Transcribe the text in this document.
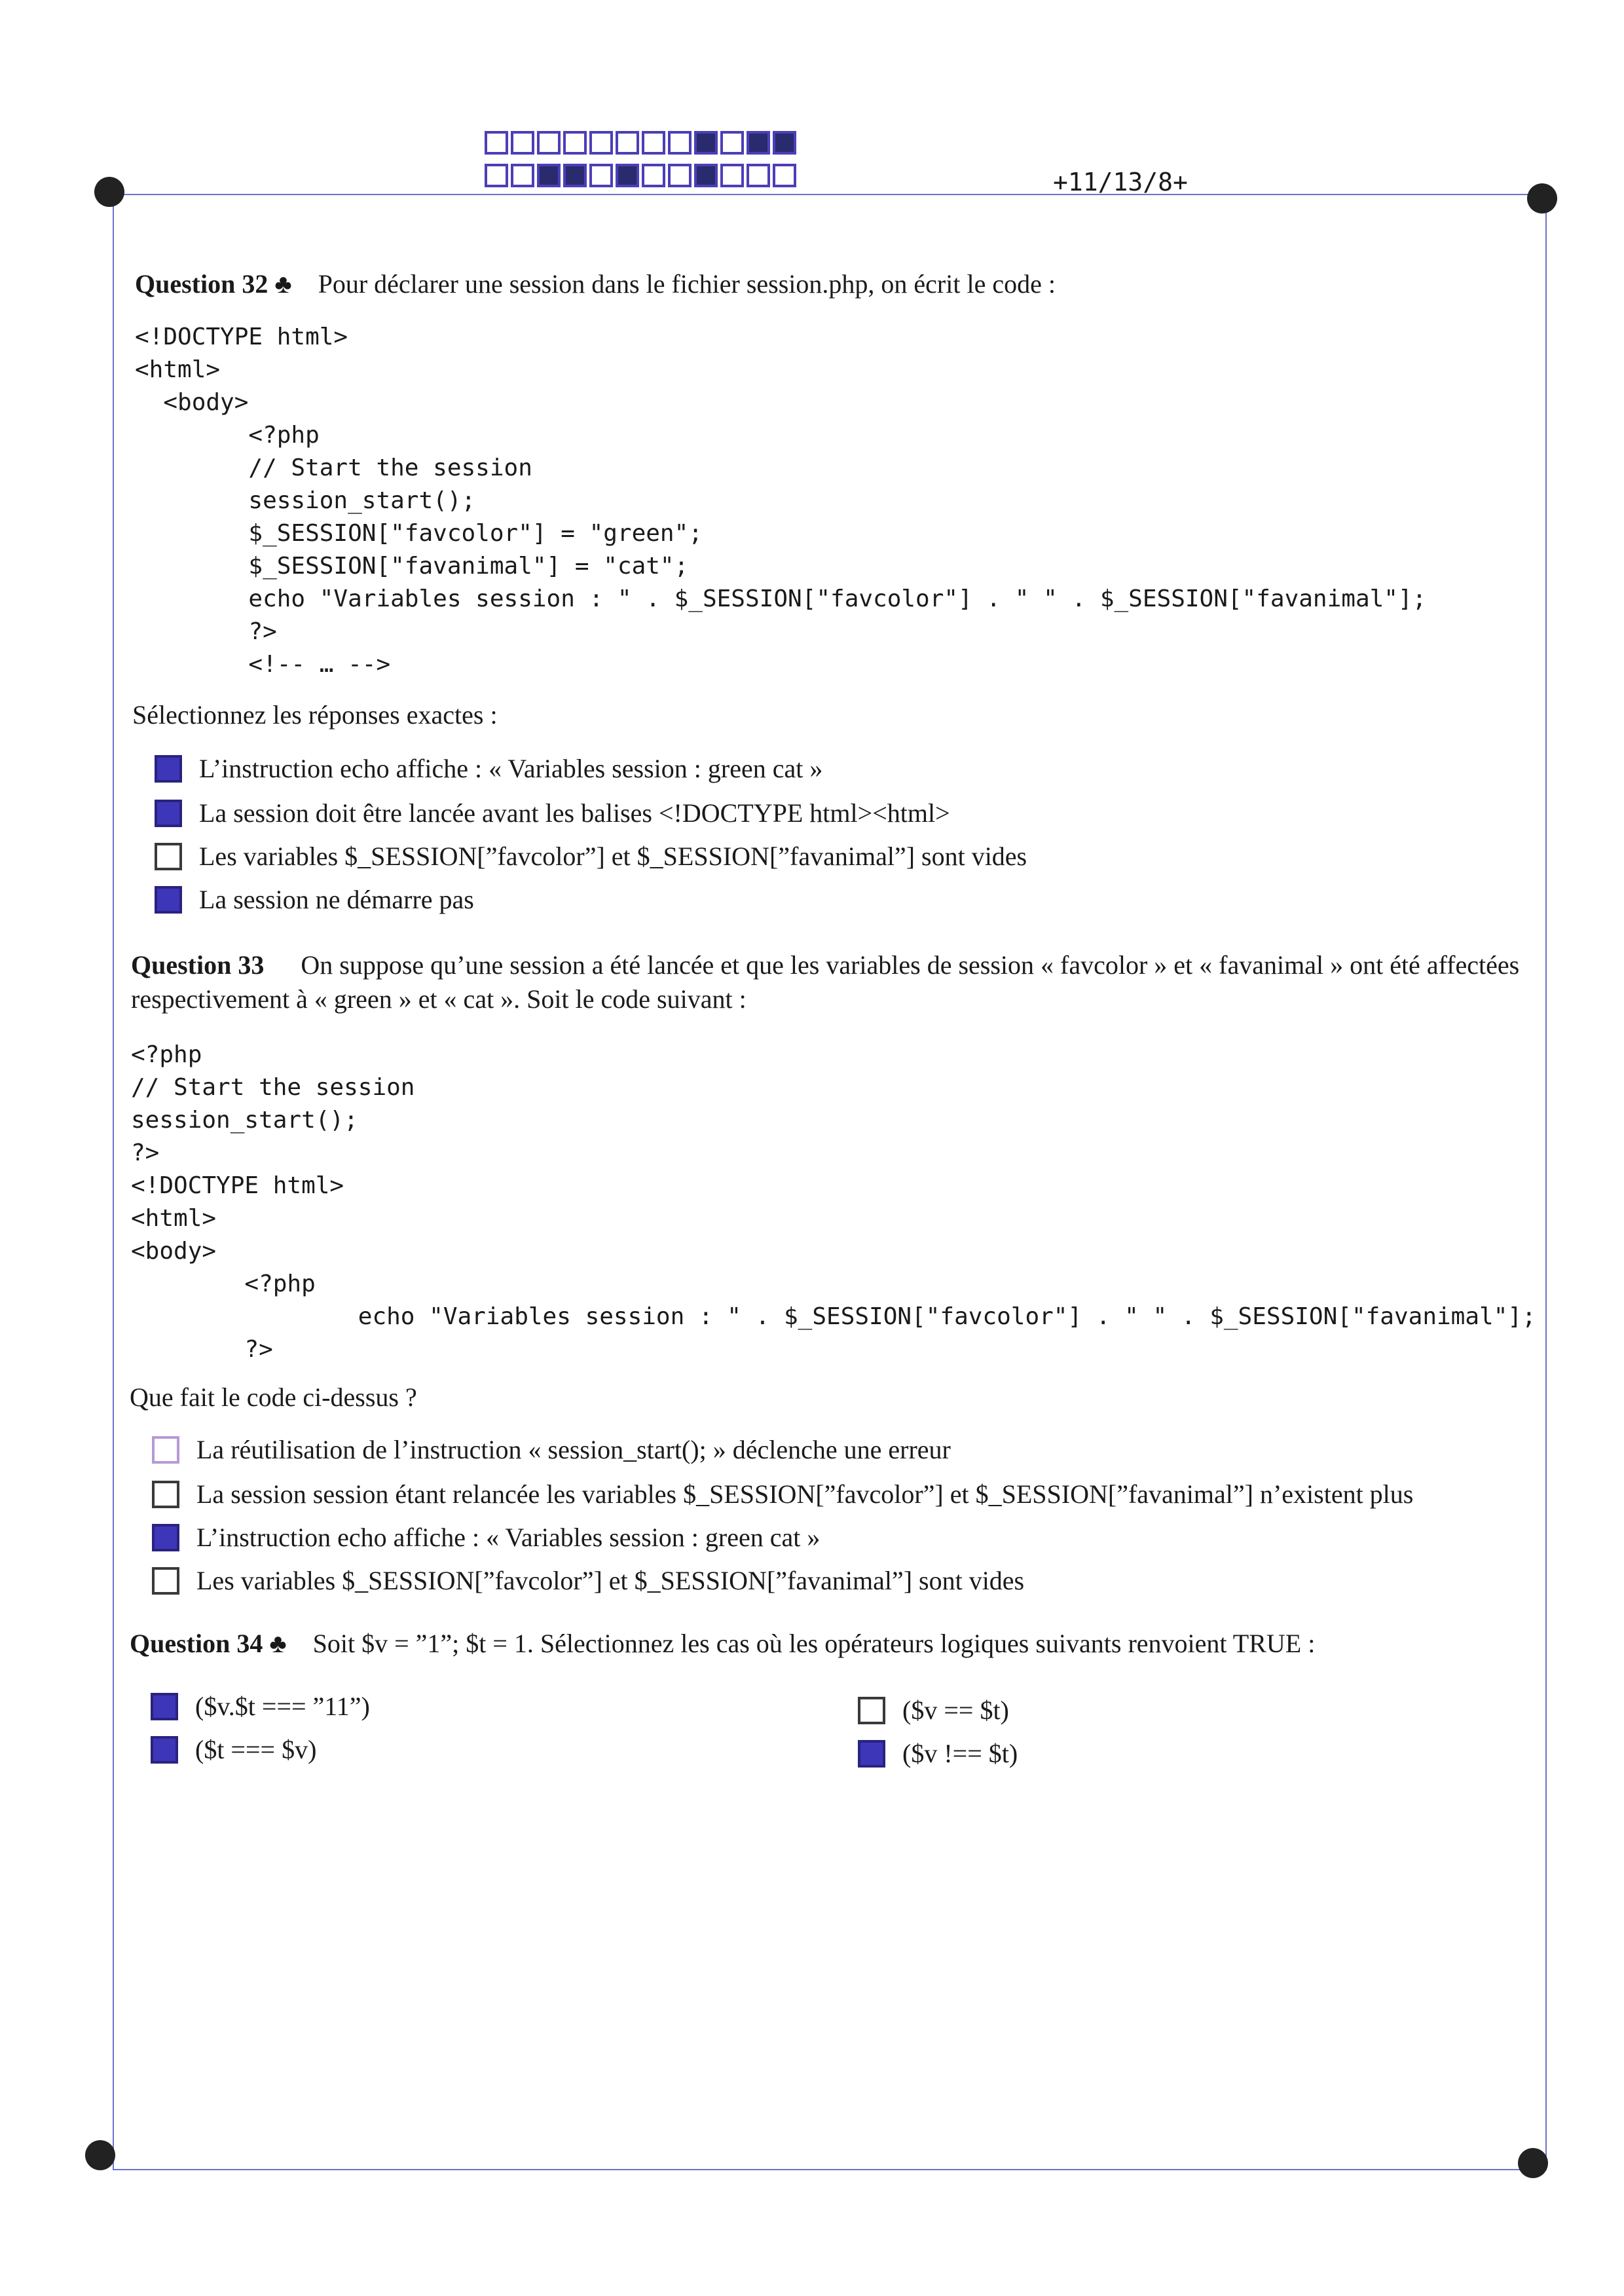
+11/13/8+
Question 32 ♣ Pour déclarer une session dans le fichier session.php, on écrit le code :
<!DOCTYPE html>
<html>
<body>
<?php
// Start the session
session_start();
$_SESSION["favcolor"] = "green";
$_SESSION["favanimal"] = "cat";
echo "Variables session : " . $_SESSION["favcolor"] . " " . $_SESSION["favanimal"];
?>
<!-- … -->
Sélectionnez les réponses exactes :
L’instruction echo affiche : « Variables session : green cat »
La session doit être lancée avant les balises <!DOCTYPE html><html>
Les variables $_SESSION[”favcolor”] et $_SESSION[”favanimal”] sont vides
La session ne démarre pas
Question 33 On suppose qu’une session a été lancée et que les variables de session « favcolor » et « favanimal » ont été affectées respectivement à « green » et « cat ». Soit le code suivant :
<?php
// Start the session
session_start();
?>
<!DOCTYPE html>
<html>
<body>
<?php
echo "Variables session : " . $_SESSION["favcolor"] . " " . $_SESSION["favanimal"];
?>
Que fait le code ci-dessus ?
La réutilisation de l’instruction « session_start(); » déclenche une erreur
La session session étant relancée les variables $_SESSION[”favcolor”] et $_SESSION[”favanimal”] n’existent plus
L’instruction echo affiche : « Variables session : green cat »
Les variables $_SESSION[”favcolor”] et $_SESSION[”favanimal”] sont vides
Question 34 ♣ Soit $v = ”1”; $t = 1. Sélectionnez les cas où les opérateurs logiques suivants renvoient TRUE :
($v.$t === ”11”)
($t === $v)
($v == $t)
($v !== $t)
